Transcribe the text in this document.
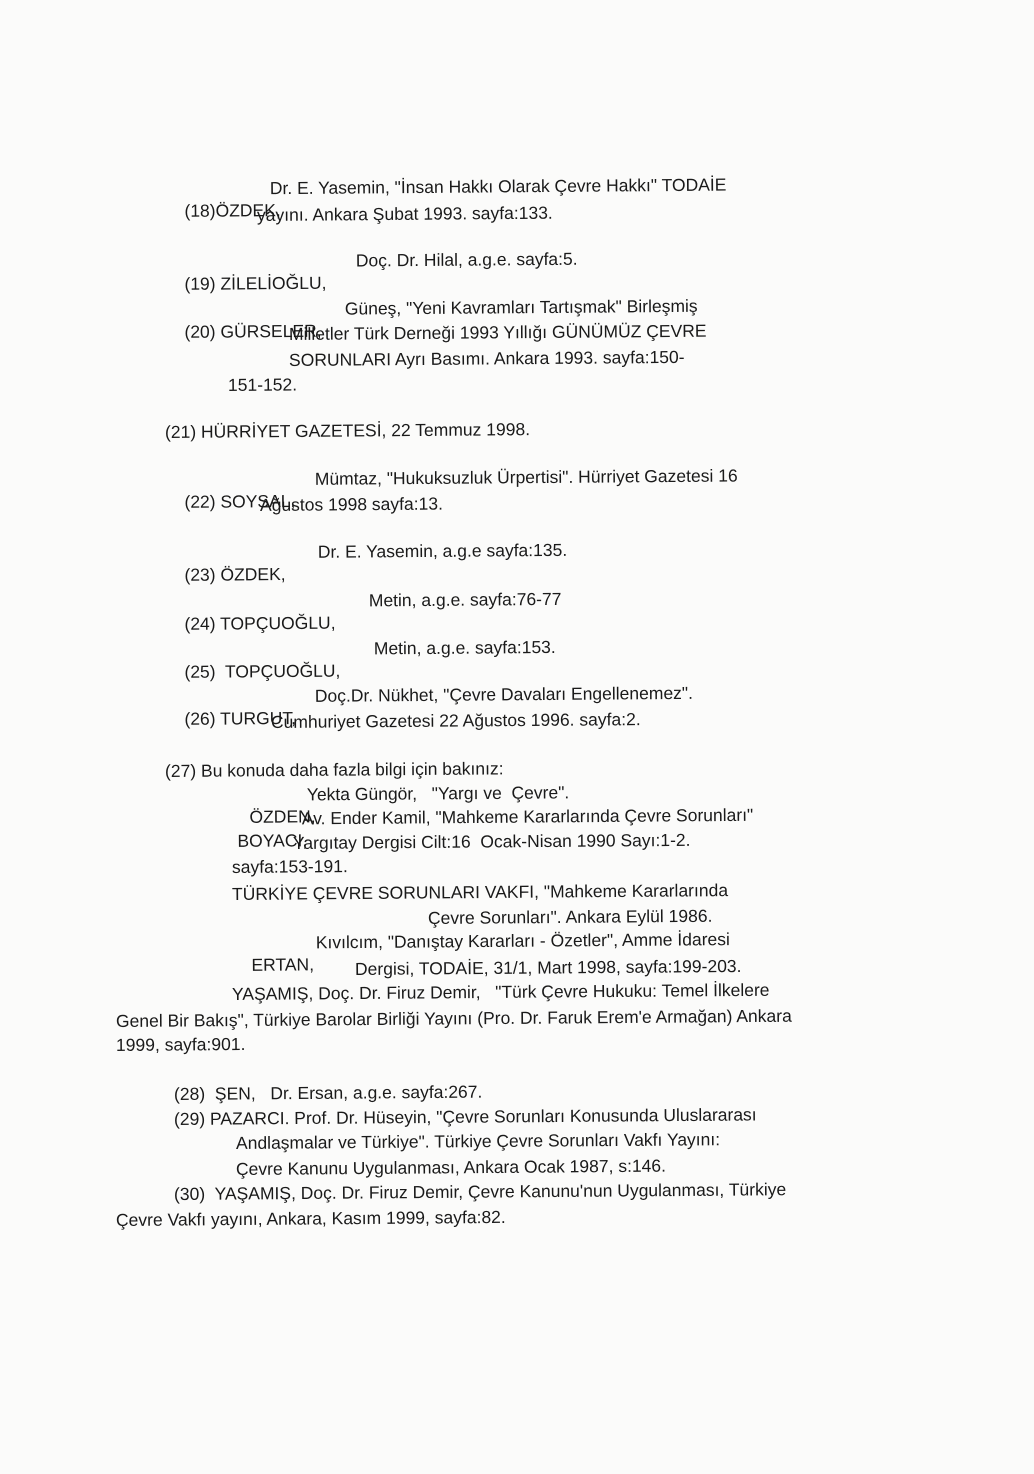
(18)ÖZDEK,
Dr. E. Yasemin, "İnsan Hakkı Olarak Çevre Hakkı" TODAİE

yayını. Ankara Şubat 1993. sayfa:133.

(19) ZİLELİOĞLU,
Doç. Dr. Hilal, a.g.e. sayfa:5.

(20) GÜRSELER,
Güneş, "Yeni Kavramları Tartışmak" Birleşmiş

Milletler Türk Derneği 1993 Yıllığı GÜNÜMÜZ ÇEVRE
SORUNLARI Ayrı Basımı. Ankara 1993. sayfa:150-
151-152.
(21) HÜRRİYET GAZETESİ, 22 Temmuz 1998.

(22) SOYSAL,
Mümtaz, "Hukuksuzluk Ürpertisi". Hürriyet Gazetesi 16

Ağustos 1998 sayfa:13.

(23) ÖZDEK,
Dr. E. Yasemin, a.g.e sayfa:135.

(24) TOPÇUOĞLU,
Metin, a.g.e. sayfa:76-77

(25)  TOPÇUOĞLU,
Metin, a.g.e. sayfa:153.

(26) TURGUT,
Doç.Dr. Nükhet, "Çevre Davaları Engellenemez".

Cumhuriyet Gazetesi 22 Ağustos 1996. sayfa:2.
(27) Bu konuda daha fazla bilgi için bakınız:

ÖZDEN,
Yekta Güngör,   "Yargı ve  Çevre".

BOYACI,
Av. Ender Kamil, "Mahkeme Kararlarında Çevre Sorunları"

Yargıtay Dergisi Cilt:16  Ocak-Nisan 1990 Sayı:1-2.
sayfa:153-191.
TÜRKİYE ÇEVRE SORUNLARI VAKFI, "Mahkeme Kararlarında
Çevre Sorunları". Ankara Eylül 1986.

ERTAN,
Kıvılcım, "Danıştay Kararları - Özetler", Amme İdaresi

Dergisi, TODAİE, 31/1, Mart 1998, sayfa:199-203.
YAŞAMIŞ, Doç. Dr. Firuz Demir,   "Türk Çevre Hukuku: Temel İlkelere
Genel Bir Bakış", Türkiye Barolar Birliği Yayını (Pro. Dr. Faruk Erem'e Armağan) Ankara
1999, sayfa:901.
(28)  ŞEN,   Dr. Ersan, a.g.e. sayfa:267.
(29) PAZARCI. Prof. Dr. Hüseyin, "Çevre Sorunları Konusunda Uluslararası
Andlaşmalar ve Türkiye". Türkiye Çevre Sorunları Vakfı Yayını:
Çevre Kanunu Uygulanması, Ankara Ocak 1987, s:146.
(30)  YAŞAMIŞ, Doç. Dr. Firuz Demir, Çevre Kanunu'nun Uygulanması, Türkiye
Çevre Vakfı yayını, Ankara, Kasım 1999, sayfa:82.
